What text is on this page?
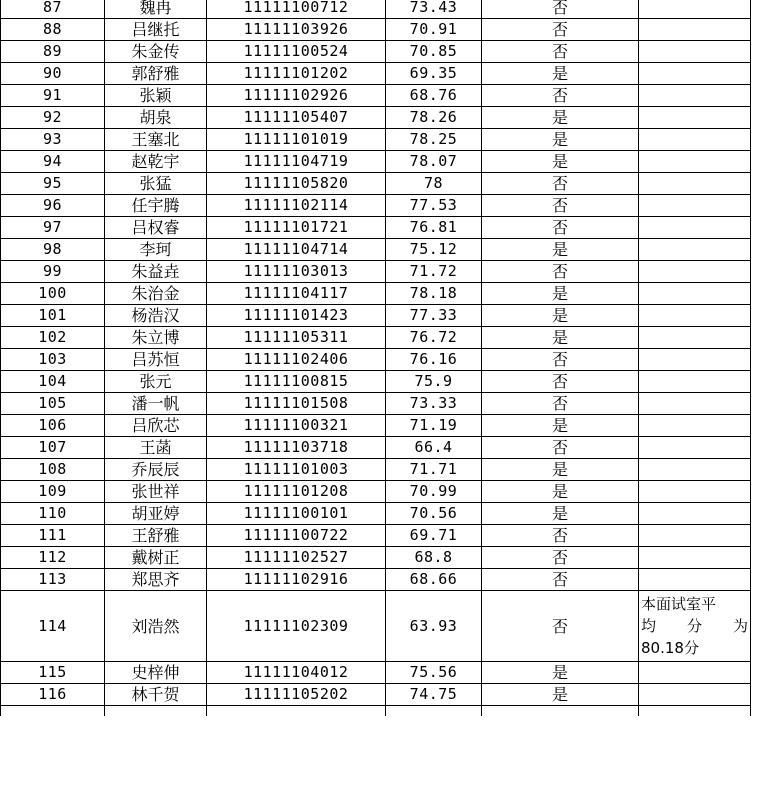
87	魏冉	11111100712	73.43	否	
88	吕继托	11111103926	70.91	否	
89	朱金传	11111100524	70.85	否	
90	郭舒雅	11111101202	69.35	是	
91	张颖	11111102926	68.76	否	
92	胡泉	11111105407	78.26	是	
93	王塞北	11111101019	78.25	是	
94	赵乾宇	11111104719	78.07	是	
95	张猛	11111105820	78	否	
96	任宇腾	11111102114	77.53	否	
97	吕权睿	11111101721	76.81	否	
98	李珂	11111104714	75.12	是	
99	朱益垚	11111103013	71.72	否	
100	朱治金	11111104117	78.18	是	
101	杨浩汉	11111101423	77.33	是	
102	朱立博	11111105311	76.72	是	
103	吕苏恒	11111102406	76.16	否	
104	张元	11111100815	75.9	否	
105	潘一帆	11111101508	73.33	否	
106	吕欣芯	11111100321	71.19	是	
107	王菡	11111103718	66.4	否	
108	乔辰辰	11111101003	71.71	是	
109	张世祥	11111101208	70.99	是	
110	胡亚婷	11111100101	70.56	是	
111	王舒雅	11111100722	69.71	否	
112	戴树正	11111102527	68.8	否	
113	郑思齐	11111102916	68.66	否	
114	刘浩然	11111102309	63.93	否	本面试室平
均 分 为
80.18分

115	史梓伸	11111104012	75.56	是	
116	林千贺	11111105202	74.75	是	
